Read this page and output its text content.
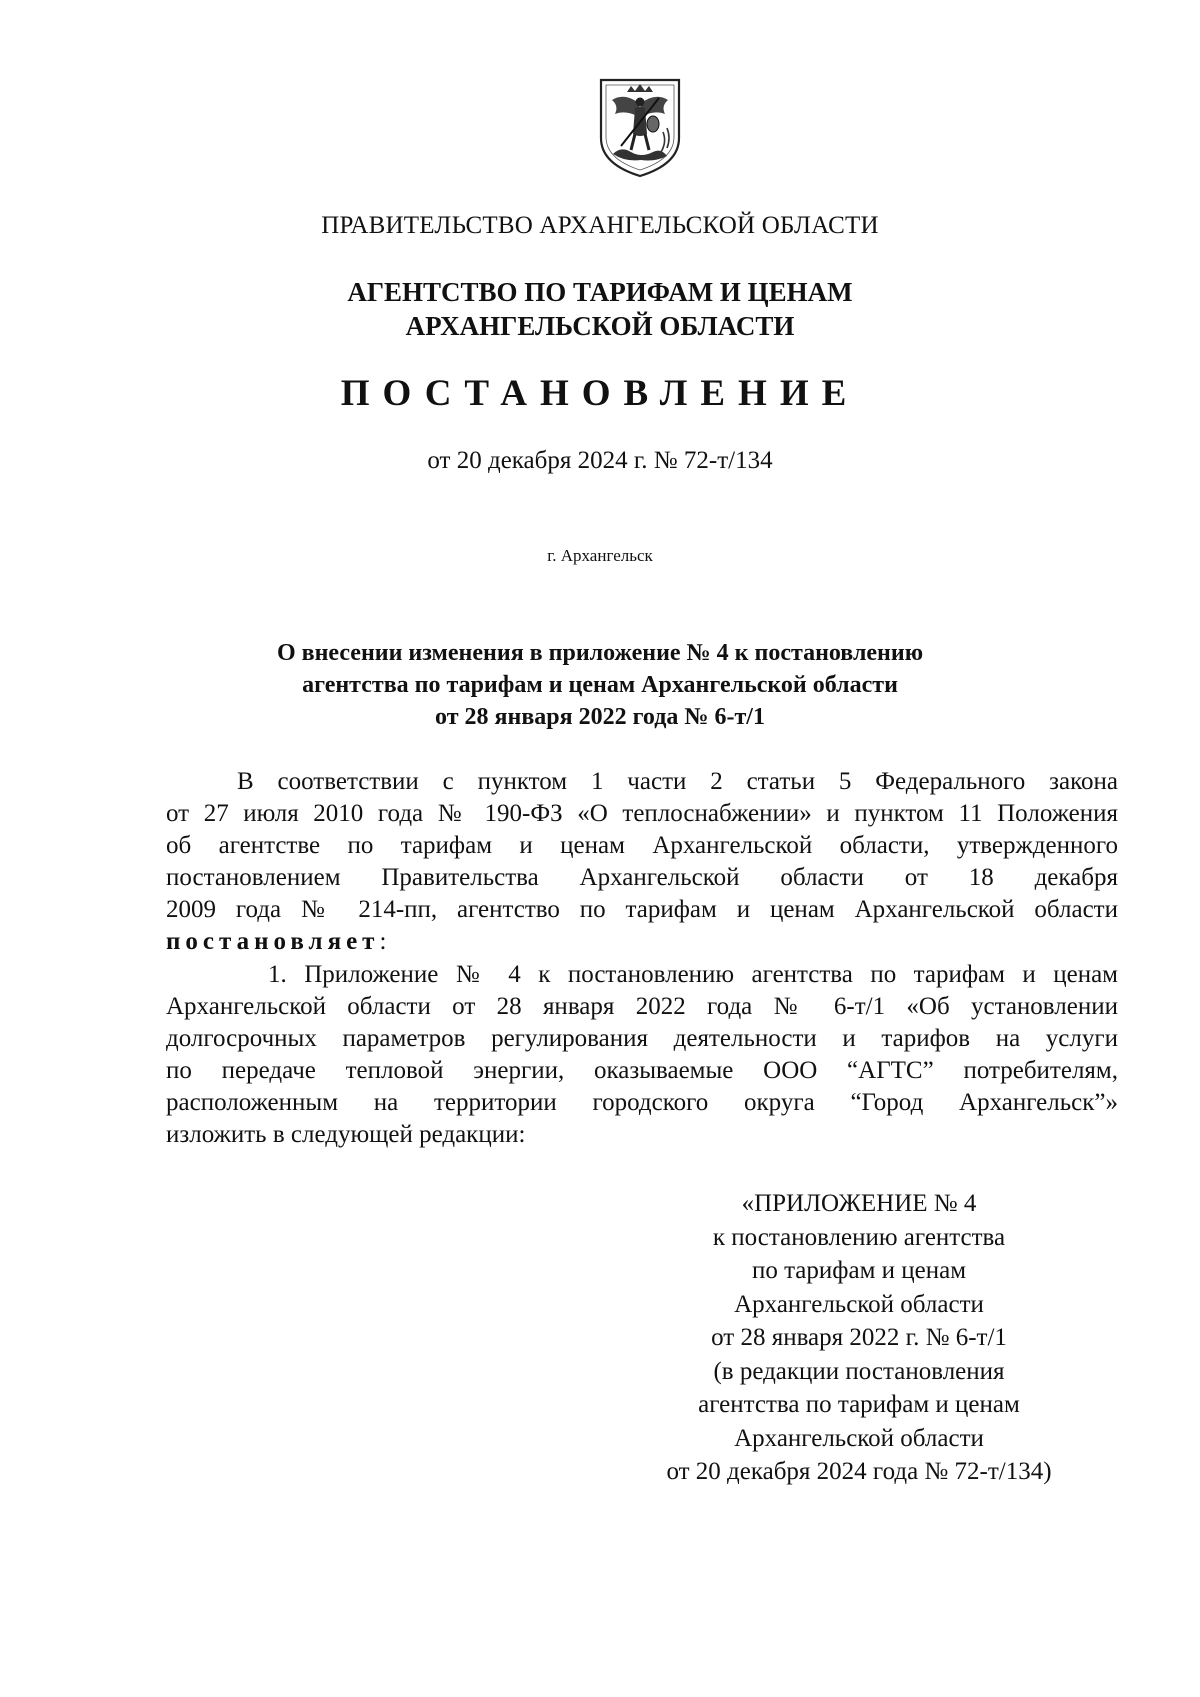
ПРАВИТЕЛЬСТВО АРХАНГЕЛЬСКОЙ ОБЛАСТИ
АГЕНТСТВО ПО ТАРИФАМ И ЦЕНАМ
АРХАНГЕЛЬСКОЙ ОБЛАСТИ
ПОСТАНОВЛЕНИЕ
от 20 декабря 2024 г. № 72-т/134
г. Архангельск
О внесении изменения в приложение № 4 к постановлению
агентства по тарифам и ценам Архангельской области
от 28 января 2022 года № 6-т/1
В соответствии с пунктом 1 части 2 статьи 5 Федерального закона
от 27 июля 2010 года № 190-ФЗ «О теплоснабжении» и пунктом 11 Положения
об агентстве по тарифам и ценам Архангельской области, утвержденного
постановлением Правительства Архангельской области от 18 декабря
2009 года № 214-пп, агентство по тарифам и ценам Архангельской области
постановляет:
1. Приложение № 4 к постановлению агентства по тарифам и ценам
Архангельской области от 28 января 2022 года № 6-т/1 «Об установлении
долгосрочных параметров регулирования деятельности и тарифов на услуги
по передаче тепловой энергии, оказываемые ООО “АГТС” потребителям,
расположенным на территории городского округа “Город Архангельск”»
изложить в следующей редакции:
«ПРИЛОЖЕНИЕ № 4
к постановлению агентства
по тарифам и ценам
Архангельской области
от 28 января 2022 г. № 6-т/1
(в редакции постановления
агентства по тарифам и ценам
Архангельской области
от 20 декабря 2024 года № 72-т/134)
